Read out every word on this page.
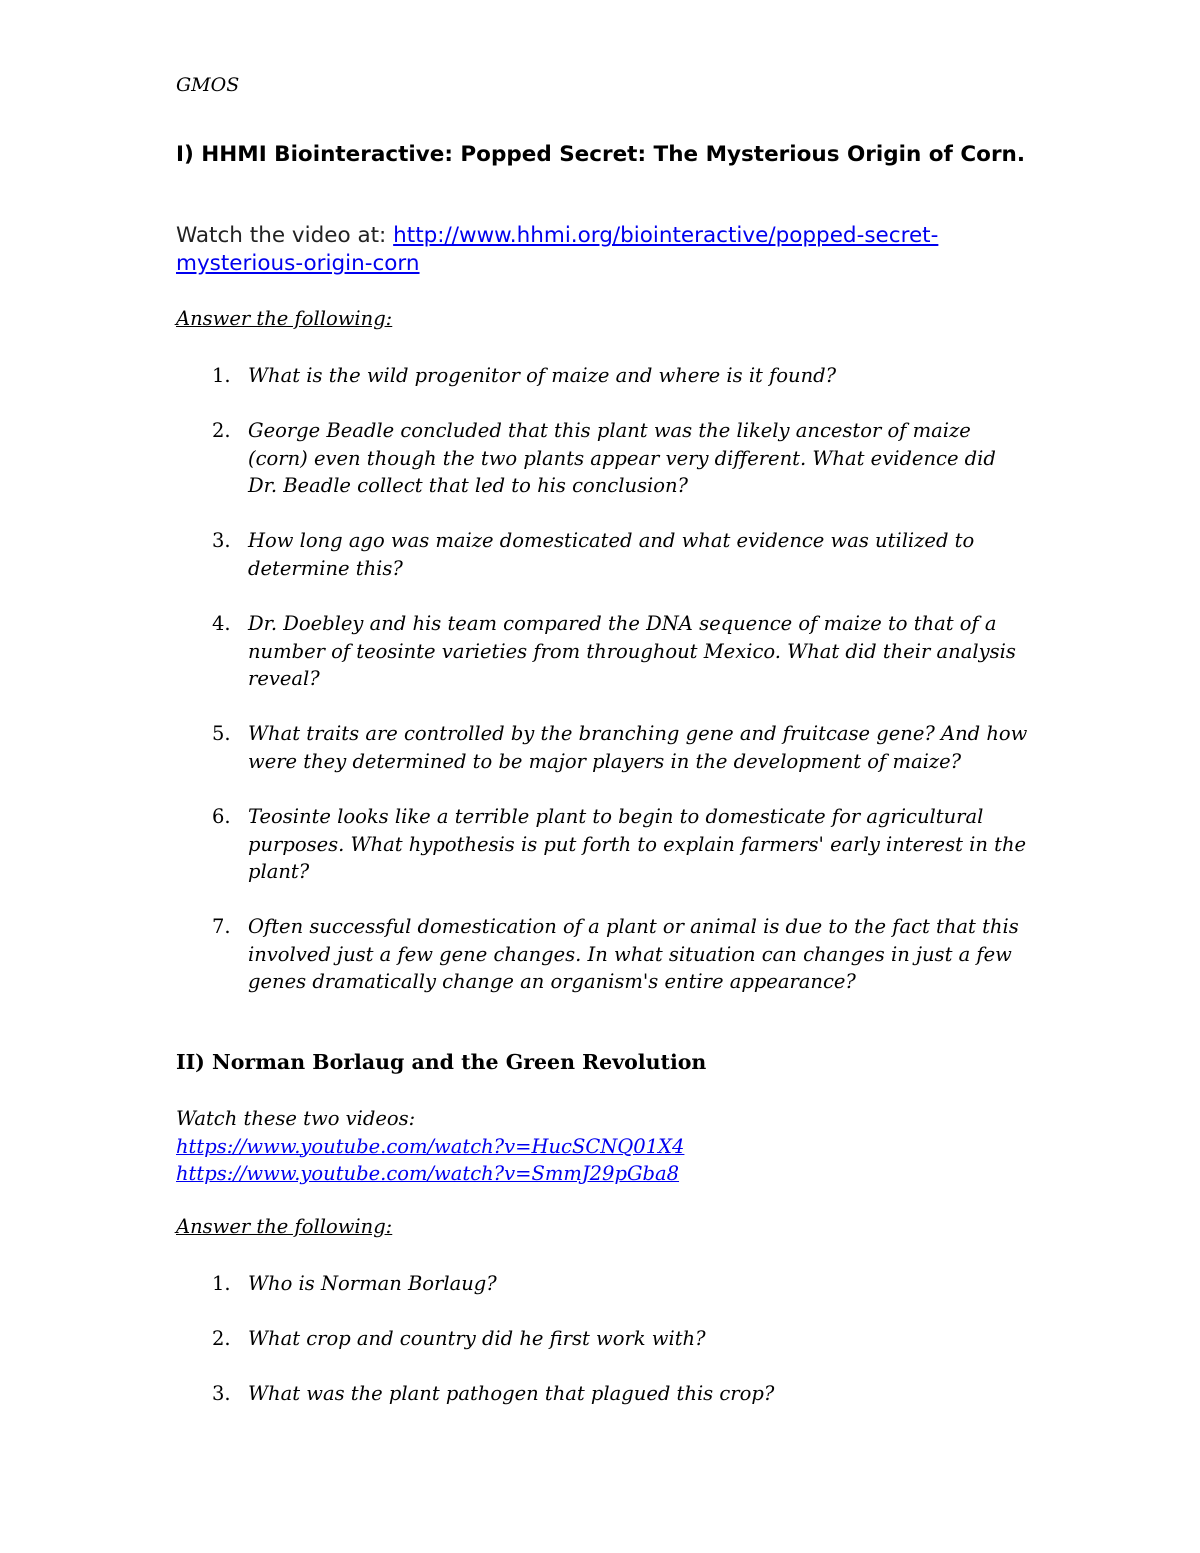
GMOS
I) HHMI Biointeractive: Popped Secret: The Mysterious Origin of Corn.
Watch the video at: http://www.hhmi.org/biointeractive/popped-secret-mysterious-origin-corn
Answer the following:
1. What is the wild progenitor of maize and where is it found?
2. George Beadle concluded that this plant was the likely ancestor of maize (corn) even though the two plants appear very different. What evidence did Dr. Beadle collect that led to his conclusion?
3. How long ago was maize domesticated and what evidence was utilized to determine this?
4. Dr. Doebley and his team compared the DNA sequence of maize to that of a number of teosinte varieties from throughout Mexico. What did their analysis reveal?
5. What traits are controlled by the branching gene and fruitcase gene? And how were they determined to be major players in the development of maize?
6. Teosinte looks like a terrible plant to begin to domesticate for agricultural purposes. What hypothesis is put forth to explain farmers' early interest in the plant?
7. Often successful domestication of a plant or animal is due to the fact that this involved just a few gene changes. In what situation can changes in just a few genes dramatically change an organism's entire appearance?
II) Norman Borlaug and the Green Revolution
Watch these two videos:
https://www.youtube.com/watch?v=HucSCNQ01X4
https://www.youtube.com/watch?v=SmmJ29pGba8
Answer the following:
1. Who is Norman Borlaug?
2. What crop and country did he first work with?
3. What was the plant pathogen that plagued this crop?
